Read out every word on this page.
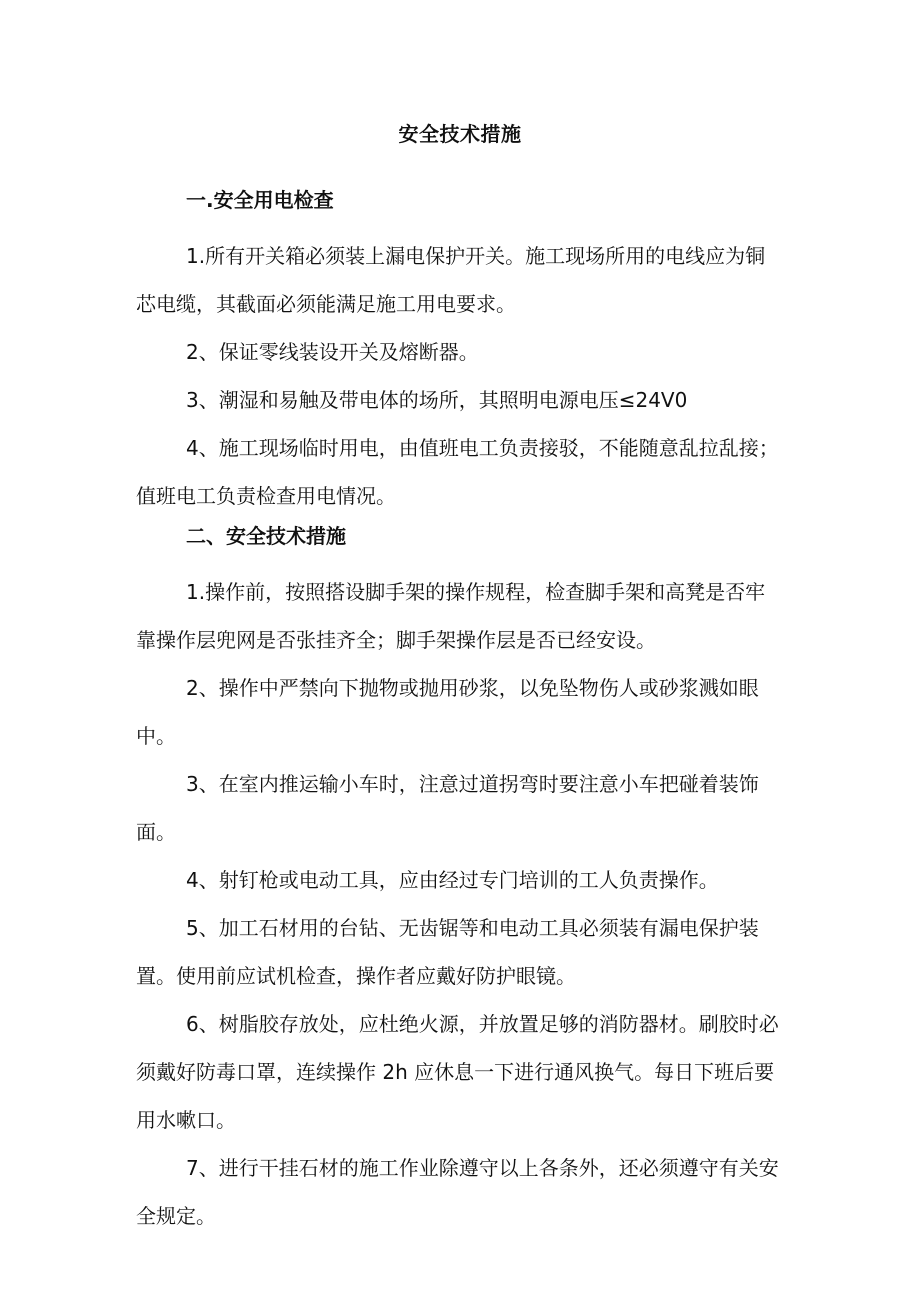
安全技术措施
一.安全用电检查

1.所有开关箱必须装上漏电保护开关。施工现场所用的电线应为铜芯电缆，其截面必须能满足施工用电要求。

2、保证零线装设开关及熔断器。

3、潮湿和易触及带电体的场所，其照明电源电压≤24V0

4、施工现场临时用电，由值班电工负责接驳，不能随意乱拉乱接；值班电工负责检查用电情况。

二、安全技术措施

1.操作前，按照搭设脚手架的操作规程，检查脚手架和高凳是否牢靠操作层兜网是否张挂齐全；脚手架操作层是否已经安设。

2、操作中严禁向下抛物或抛用砂浆，以免坠物伤人或砂浆溅如眼中。

3、在室内推运输小车时，注意过道拐弯时要注意小车把碰着装饰面。

4、射钉枪或电动工具，应由经过专门培训的工人负责操作。

5、加工石材用的台钻、无齿锯等和电动工具必须装有漏电保护装置。使用前应试机检查，操作者应戴好防护眼镜。

6、树脂胶存放处，应杜绝火源，并放置足够的消防器材。刷胶时必须戴好防毒口罩，连续操作 2h 应休息一下进行通风换气。每日下班后要用水嗽口。

7、进行干挂石材的施工作业除遵守以上各条外，还必须遵守有关安全规定。
